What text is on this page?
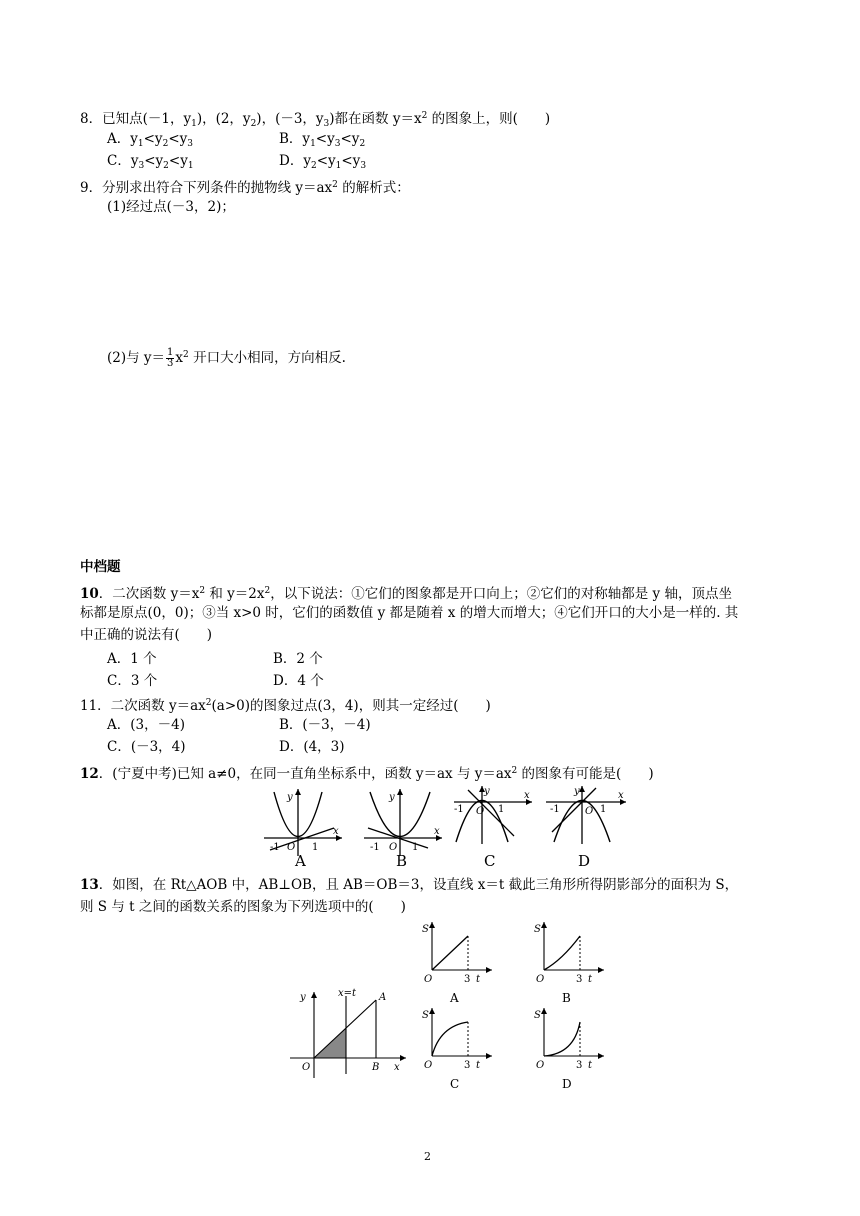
8．已知点(－1，$y_1$)，(2，$y_2$)，(－3，$y_3$)都在函数 $y=x^2$ 的图象上，则(　　)
A．$y_1<y_2<y_3$	B．$y_1<y_3<y_2$
C．$y_3<y_2<y_1$	D．$y_2<y_1<y_3$
9．分别求出符合下列条件的抛物线 $y=ax^2$ 的解析式：
(1)经过点(－3，2)；
(2)与 $y= \frac{1}{3} x^2$ 开口大小相同，方向相反.
中档题
10．二次函数 $y=x^2$ 和 $y=2x^2$，以下说法：①它们的图象都是开口向上；②它们的对称轴都是 y 轴，顶点坐
标都是原点(0，0)；③当 x>0 时，它们的函数值 y 都是随着 x 的增大而增大；④它们开口的大小是一样的. 其
中正确的说法有(　　)
A．1 个	B．2 个
C．3 个	D．4 个
11．二次函数 $y=ax^2(a>0)$的图象过点(3，4)，则其一定经过(　　)
A．(3，－4)	B．(－3，－4)
C．(－3，4)	D．(4，3)
12．(宁夏中考)已知 a≠0，在同一直角坐标系中，函数 y＝ax 与 $y=ax^2$ 的图象有可能是(　　)
y
x
O
-1	1
A
y
x
O
-1	1
B
y	x
O
-1	1
C
y	x
O
-1	1
D
13．如图，在 Rt△AOB 中，AB⊥OB，且 AB＝OB＝3，设直线 x＝t 截此三角形所得阴影部分的面积为 S，
则 S 与 t 之间的函数关系的图象为下列选项中的(　　)
y	x=t A
O	B x
S
O	3 t
A
S
O	3 t
B
S
O	3 t
C
S
O	3 t
D
2
